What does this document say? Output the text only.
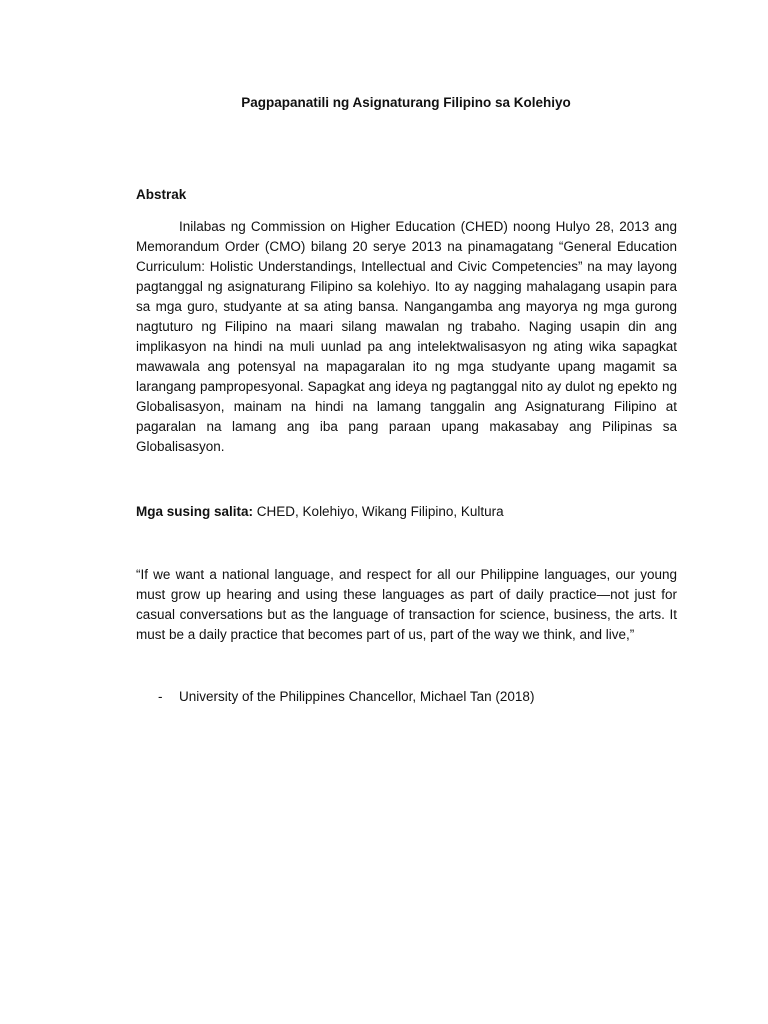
Pagpapanatili ng Asignaturang Filipino sa Kolehiyo
Abstrak

Inilabas ng Commission on Higher Education (CHED) noong Hulyo 28, 2013 ang Memorandum Order (CMO) bilang 20 serye 2013 na pinamagatang “General Education Curriculum: Holistic Understandings, Intellectual and Civic Competencies” na may layong pagtanggal ng asignaturang Filipino sa kolehiyo. Ito ay nagging mahalagang usapin para sa mga guro, studyante at sa ating bansa. Nangangamba ang mayorya ng mga gurong nagtuturo ng Filipino na maari silang mawalan ng trabaho. Naging usapin din ang implikasyon na hindi na muli uunlad pa ang intelektwalisasyon ng ating wika sapagkat mawawala ang potensyal na mapagaralan ito ng mga studyante upang magamit sa larangang pampropesyonal. Sapagkat ang ideya ng pagtanggal nito ay dulot ng epekto ng Globalisasyon, mainam na hindi na lamang tanggalin ang Asignaturang Filipino at pagaralan na lamang ang iba pang paraan upang makasabay ang Pilipinas sa Globalisasyon.

Mga susing salita: CHED, Kolehiyo, Wikang Filipino, Kultura

“If we want a national language, and respect for all our Philippine languages, our young must grow up hearing and using these languages as part of daily practice—not just for casual conversations but as the language of transaction for science, business, the arts. It must be a daily practice that becomes part of us, part of the way we think, and live,”

- University of the Philippines Chancellor, Michael Tan (2018)
